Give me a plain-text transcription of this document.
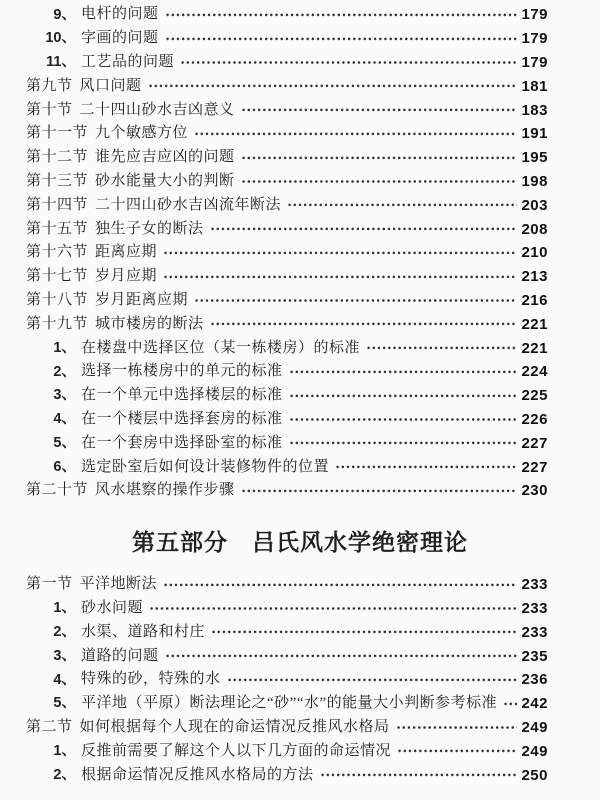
9、 电杆的问题	179
10、 字画的问题	179
11、 工艺品的问题	179
第九节 风口问题	181
第十节 二十四山砂水吉凶意义	183
第十一节 九个敏感方位	191
第十二节 谁先应吉应凶的问题	195
第十三节 砂水能量大小的判断	198
第十四节 二十四山砂水吉凶流年断法	203
第十五节 独生子女的断法	208
第十六节 距离应期	210
第十七节 岁月应期	213
第十八节 岁月距离应期	216
第十九节 城市楼房的断法	221
1、 在楼盘中选择区位（某一栋楼房）的标准	221
2、 选择一栋楼房中的单元的标准	224
3、 在一个单元中选择楼层的标准	225
4、 在一个楼层中选择套房的标准	226
5、 在一个套房中选择卧室的标准	227
6、 选定卧室后如何设计装修物件的位置	227
第二十节 风水堪察的操作步骤	230
第五部分　吕氏风水学绝密理论
第一节 平洋地断法	233
1、 砂水问题	233
2、 水渠、道路和村庄	233
3、 道路的问题	235
4、 特殊的砂，特殊的水	236
5、 平洋地（平原）断法理论之“砂”“水”的能量大小判断参考标准 242
第二节 如何根据每个人现在的命运情况反推风水格局	249
1、 反推前需要了解这个人以下几方面的命运情况	249
2、 根据命运情况反推风水格局的方法	250
